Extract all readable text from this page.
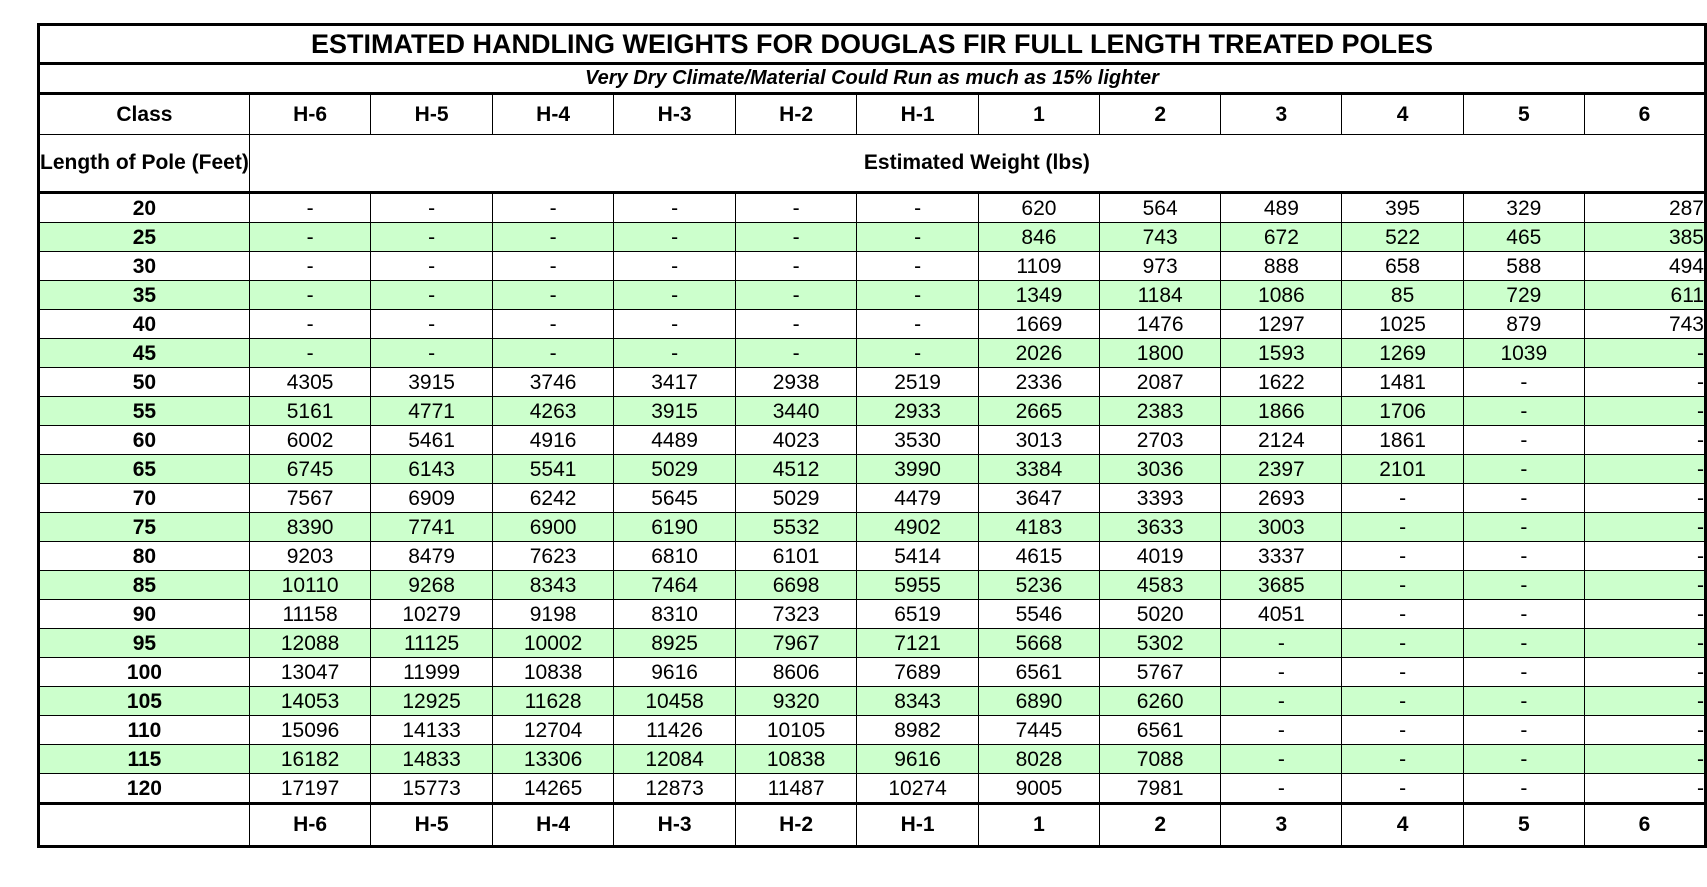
ESTIMATED HANDLING WEIGHTS FOR DOUGLAS FIR FULL LENGTH TREATED POLES												
Very Dry Climate/Material Could Run as much as 15% lighter												
Class	H-6	H-5	H-4	H-3	H-2	H-1	1	2	3	4	5	6
Length of Pole (Feet)	Estimated Weight (lbs)											
20	-	-	-	-	-	-	620	564	489	395	329	287
25	-	-	-	-	-	-	846	743	672	522	465	385
30	-	-	-	-	-	-	1109	973	888	658	588	494
35	-	-	-	-	-	-	1349	1184	1086	85	729	611
40	-	-	-	-	-	-	1669	1476	1297	1025	879	743
45	-	-	-	-	-	-	2026	1800	1593	1269	1039	-
50	4305	3915	3746	3417	2938	2519	2336	2087	1622	1481	-	-
55	5161	4771	4263	3915	3440	2933	2665	2383	1866	1706	-	-
60	6002	5461	4916	4489	4023	3530	3013	2703	2124	1861	-	-
65	6745	6143	5541	5029	4512	3990	3384	3036	2397	2101	-	-
70	7567	6909	6242	5645	5029	4479	3647	3393	2693	-	-	-
75	8390	7741	6900	6190	5532	4902	4183	3633	3003	-	-	-
80	9203	8479	7623	6810	6101	5414	4615	4019	3337	-	-	-
85	10110	9268	8343	7464	6698	5955	5236	4583	3685	-	-	-
90	11158	10279	9198	8310	7323	6519	5546	5020	4051	-	-	-
95	12088	11125	10002	8925	7967	7121	5668	5302	-	-	-	-
100	13047	11999	10838	9616	8606	7689	6561	5767	-	-	-	-
105	14053	12925	11628	10458	9320	8343	6890	6260	-	-	-	-
110	15096	14133	12704	11426	10105	8982	7445	6561	-	-	-	-
115	16182	14833	13306	12084	10838	9616	8028	7088	-	-	-	-
120	17197	15773	14265	12873	11487	10274	9005	7981	-	-	-	-
	H-6	H-5	H-4	H-3	H-2	H-1	1	2	3	4	5	6
